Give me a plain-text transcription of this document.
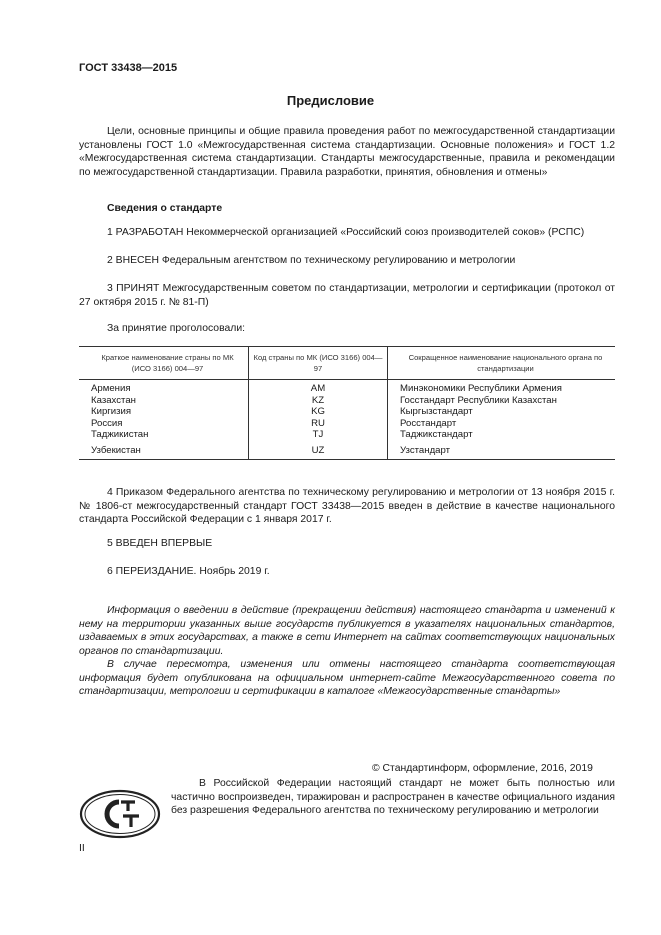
ГОСТ 33438—2015
Предисловие
Цели, основные принципы и общие правила проведения работ по межгосударственной стандартизации установлены ГОСТ 1.0 «Межгосударственная система стандартизации. Основные положения» и ГОСТ 1.2 «Межгосударственная система стандартизации. Стандарты межгосударственные, правила и рекомендации по межгосударственной стандартизации. Правила разработки, принятия, обновления и отмены»
Сведения о стандарте
1 РАЗРАБОТАН Некоммерческой организацией «Российский союз производителей соков» (РСПС)
2 ВНЕСЕН Федеральным агентством по техническому регулированию и метрологии
3 ПРИНЯТ Межгосударственным советом по стандартизации, метрологии и сертификации (протокол от 27 октября 2015 г. № 81-П)
За принятие проголосовали:
Краткое наименование страны по МК (ИСО 3166) 004—97	Код страны по МК (ИСО 3166) 004—97	Сокращенное наименование национального органа по стандартизации
Армения	AM	Минэкономики Республики Армения
Казахстан	KZ	Госстандарт Республики Казахстан
Киргизия	KG	Кыргызстандарт
Россия	RU	Росстандарт
Таджикистан	TJ	Таджикстандарт
Узбекистан	UZ	Узстандарт
4 Приказом Федерального агентства по техническому регулированию и метрологии от 13 ноября 2015 г. № 1806-ст межгосударственный стандарт ГОСТ 33438—2015 введен в действие в качестве национального стандарта Российской Федерации с 1 января 2017 г.
5 ВВЕДЕН ВПЕРВЫЕ
6 ПЕРЕИЗДАНИЕ. Ноябрь 2019 г.
Информация о введении в действие (прекращении действия) настоящего стандарта и изменений к нему на территории указанных выше государств публикуется в указателях национальных стандартов, издаваемых в этих государствах, а также в сети Интернет на сайтах соответствующих национальных органов по стандартизации.
В случае пересмотра, изменения или отмены настоящего стандарта соответствующая информация будет опубликована на официальном интернет-сайте Межгосударственного совета по стандартизации, метрологии и сертификации в каталоге «Межгосударственные стандарты»
© Стандартинформ, оформление, 2016, 2019
В Российской Федерации настоящий стандарт не может быть полностью или частично воспроизведен, тиражирован и распространен в качестве официального издания без разрешения Федерального агентства по техническому регулированию и метрологии
II
